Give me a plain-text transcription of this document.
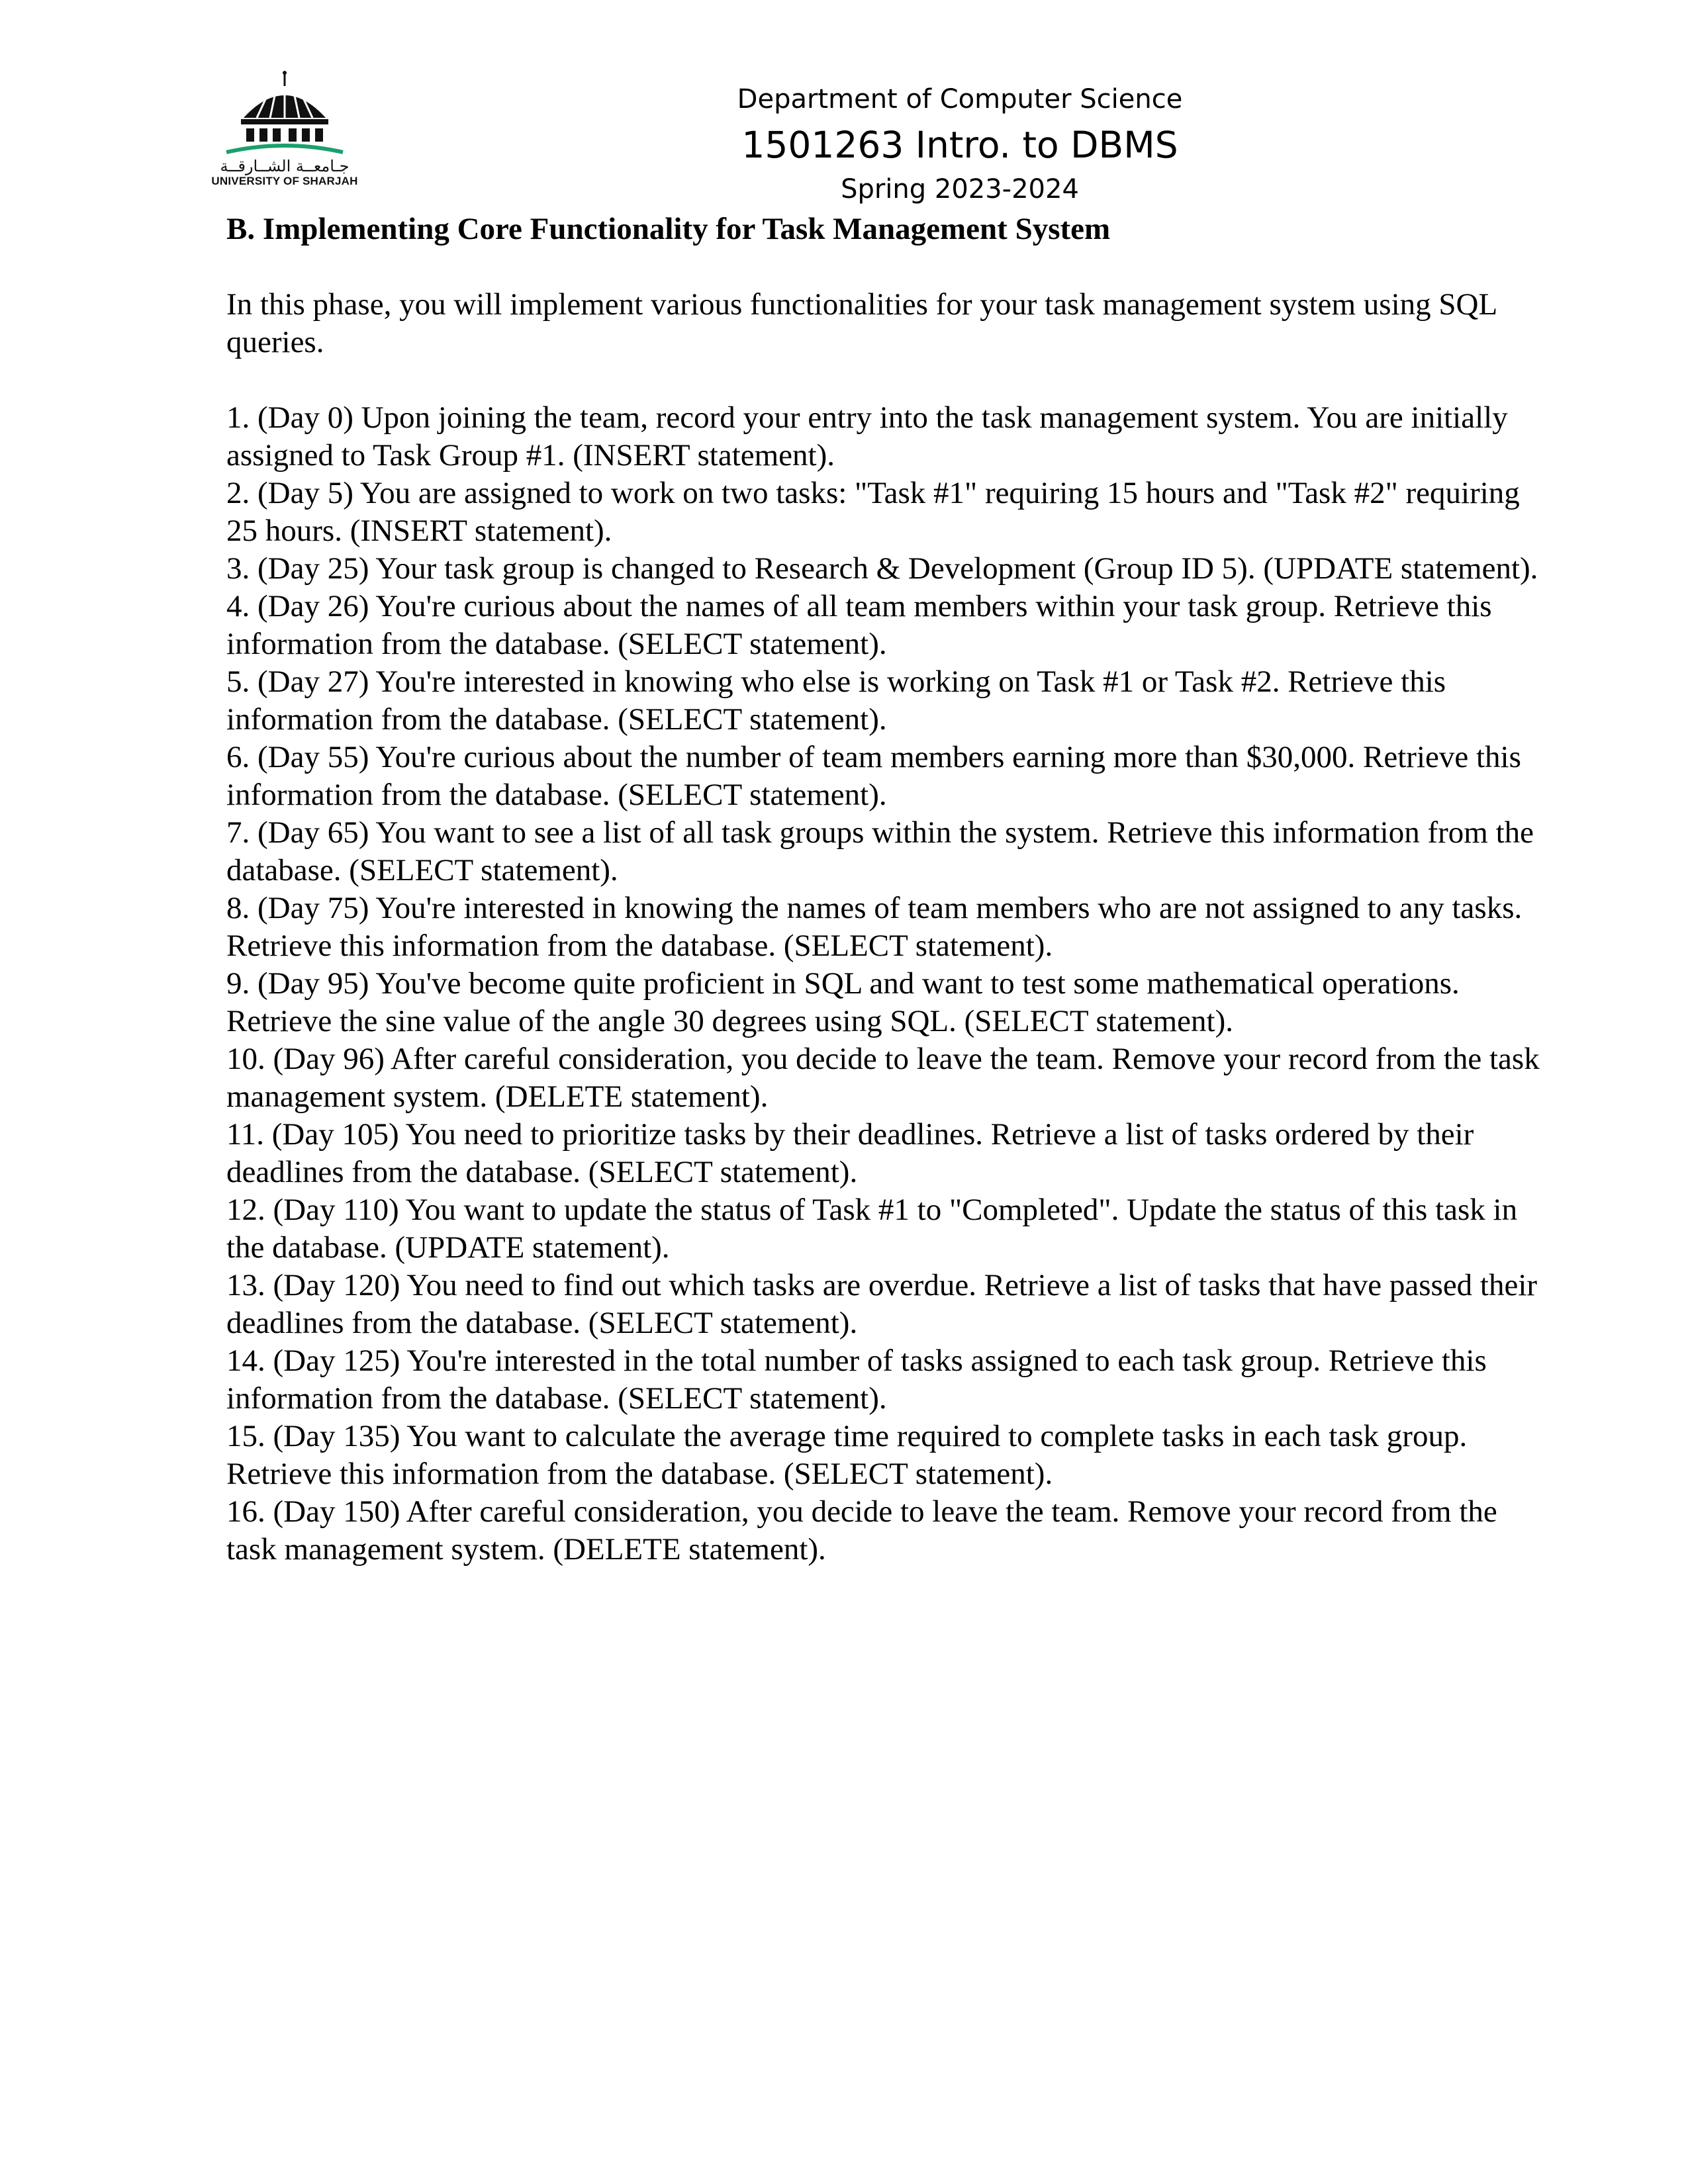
جـامعــة الشــارقــة
UNIVERSITY OF SHARJAH
Department of Computer Science
1501263 Intro. to DBMS
Spring 2023-2024
B. Implementing Core Functionality for Task Management System
In this phase, you will implement various functionalities for your task management system using SQL queries.
1. (Day 0) Upon joining the team, record your entry into the task management system. You are initially assigned to Task Group #1. (INSERT statement).
2. (Day 5) You are assigned to work on two tasks: "Task #1" requiring 15 hours and "Task #2" requiring 25 hours. (INSERT statement).
3. (Day 25) Your task group is changed to Research & Development (Group ID 5). (UPDATE statement).
4. (Day 26) You're curious about the names of all team members within your task group. Retrieve this information from the database. (SELECT statement).
5. (Day 27) You're interested in knowing who else is working on Task #1 or Task #2. Retrieve this information from the database. (SELECT statement).
6. (Day 55) You're curious about the number of team members earning more than $30,000. Retrieve this information from the database. (SELECT statement).
7. (Day 65) You want to see a list of all task groups within the system. Retrieve this information from the database. (SELECT statement).
8. (Day 75) You're interested in knowing the names of team members who are not assigned to any tasks. Retrieve this information from the database. (SELECT statement).
9. (Day 95) You've become quite proficient in SQL and want to test some mathematical operations. Retrieve the sine value of the angle 30 degrees using SQL. (SELECT statement).
10. (Day 96) After careful consideration, you decide to leave the team. Remove your record from the task management system. (DELETE statement).
11. (Day 105) You need to prioritize tasks by their deadlines. Retrieve a list of tasks ordered by their deadlines from the database. (SELECT statement).
12. (Day 110) You want to update the status of Task #1 to "Completed". Update the status of this task in the database. (UPDATE statement).
13. (Day 120) You need to find out which tasks are overdue. Retrieve a list of tasks that have passed their deadlines from the database. (SELECT statement).
14. (Day 125) You're interested in the total number of tasks assigned to each task group. Retrieve this information from the database. (SELECT statement).
15. (Day 135) You want to calculate the average time required to complete tasks in each task group. Retrieve this information from the database. (SELECT statement).
16. (Day 150) After careful consideration, you decide to leave the team. Remove your record from the task management system. (DELETE statement).
